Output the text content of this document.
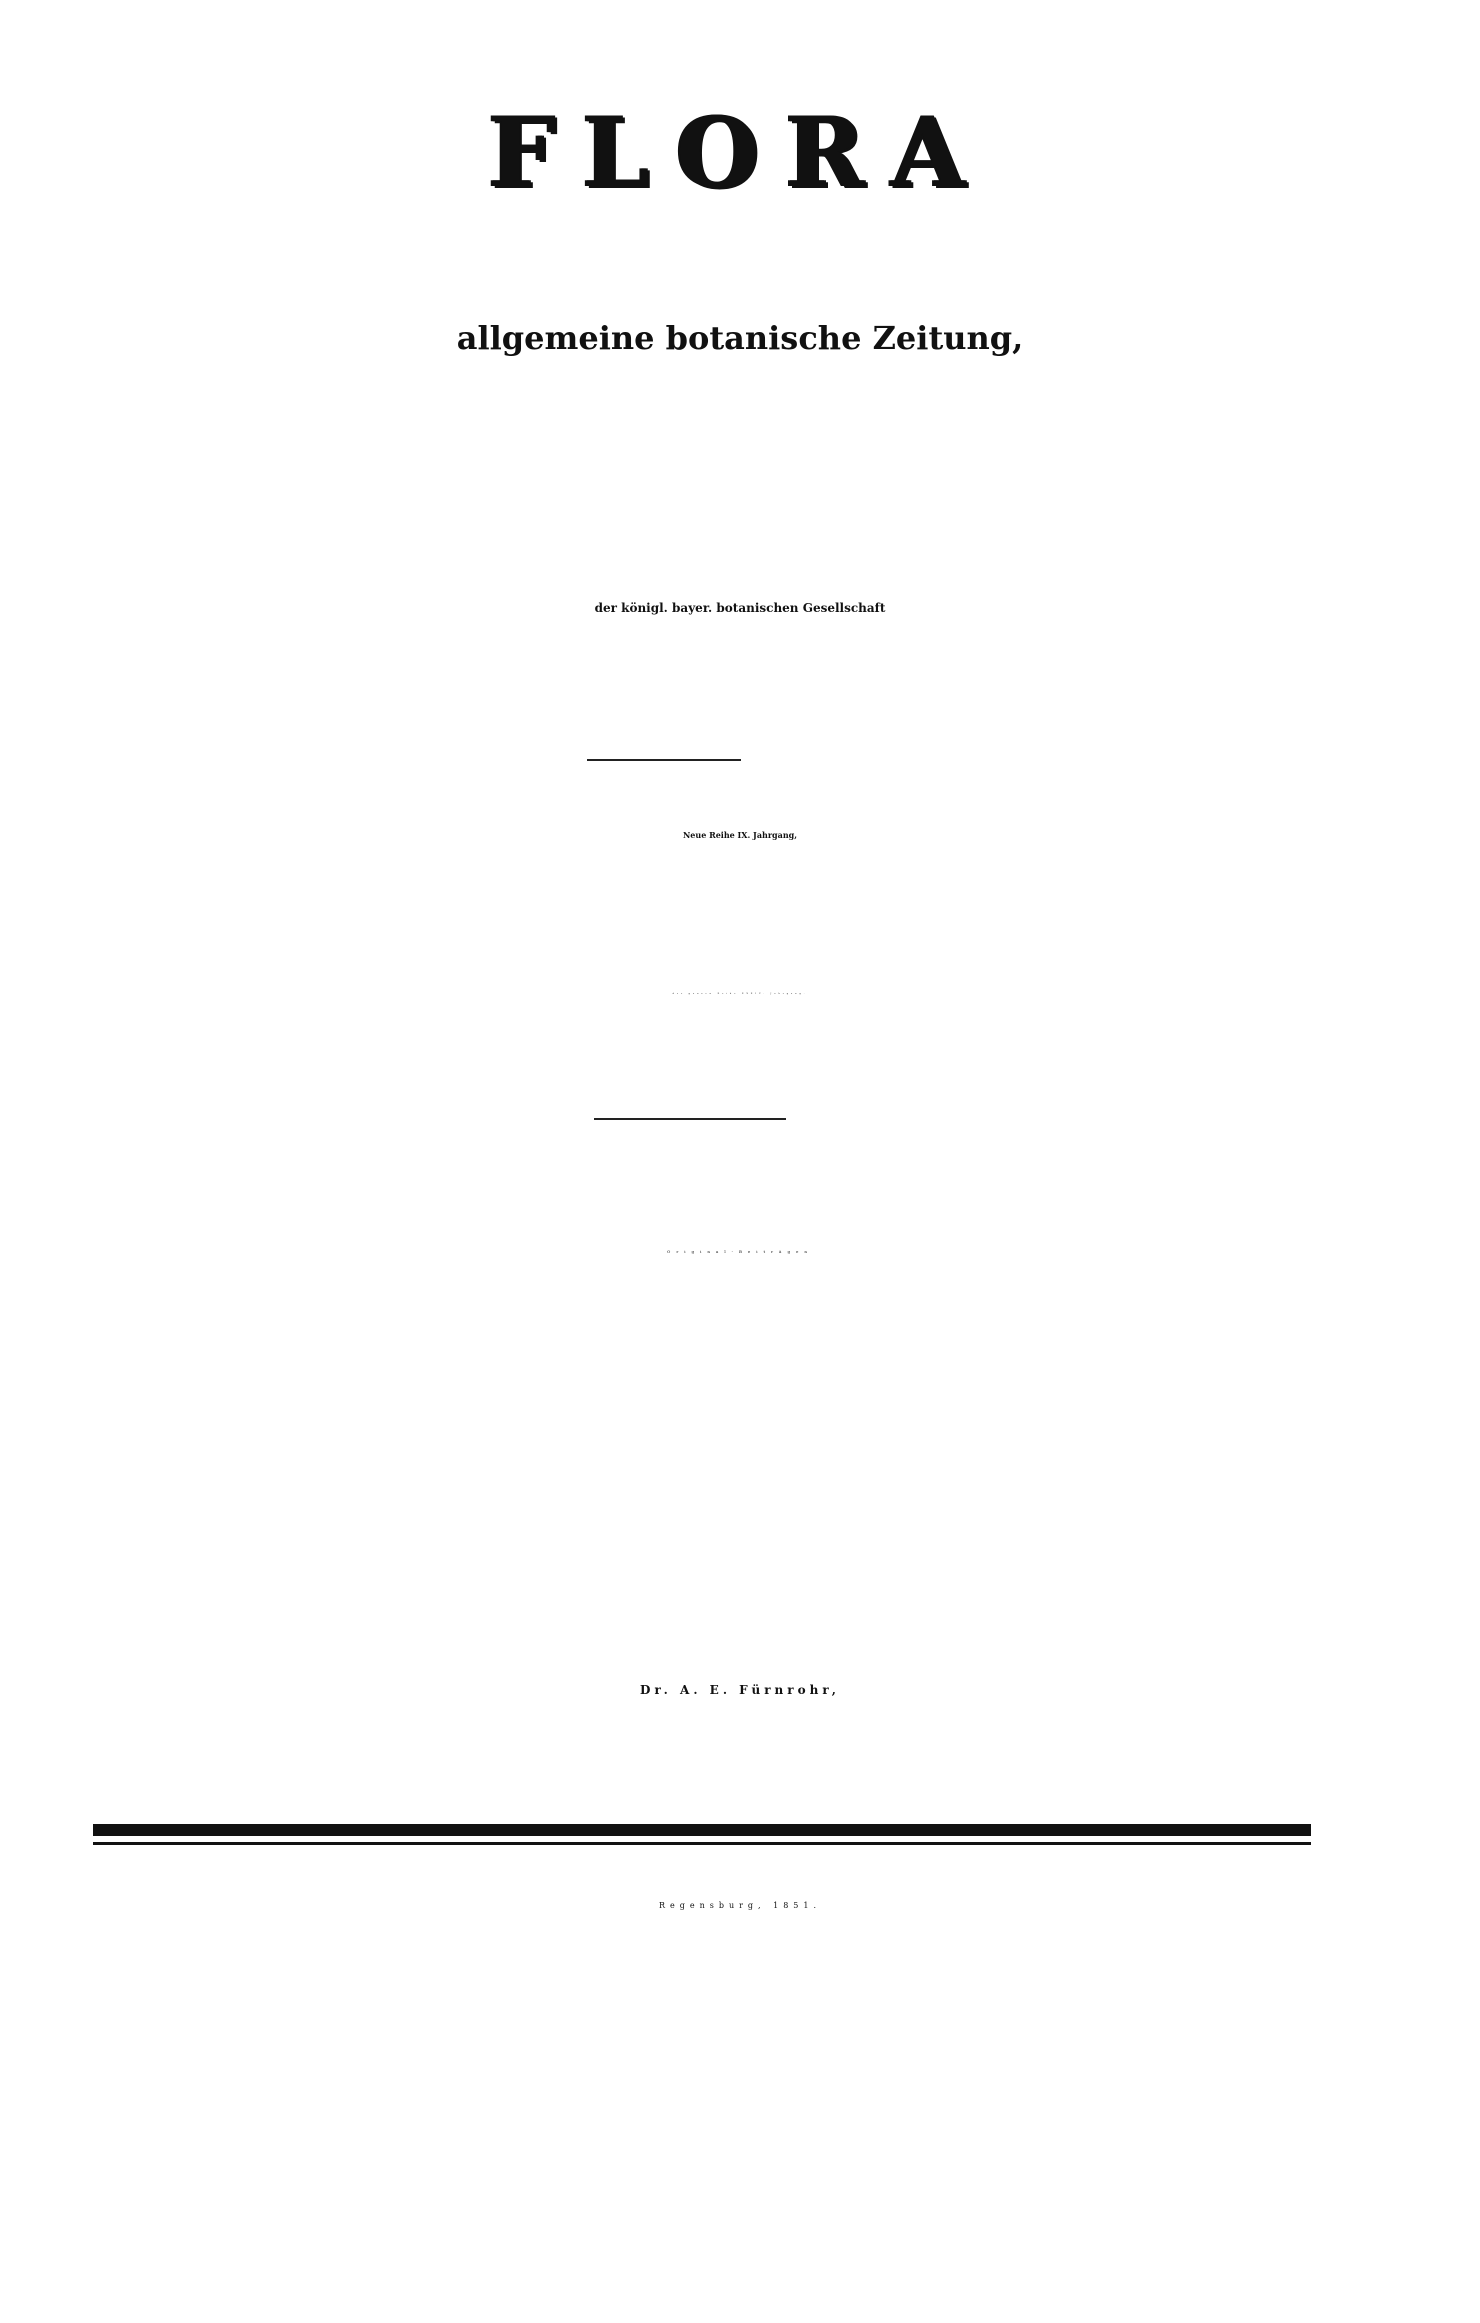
FLORA

allgemeine botanische Zeitung,

der königl. bayer. botanischen Gesellschaft

Neue Reihe IX. Jahrgang,

der ganzen Reihe XXXIV. Jahrgang.

Original-Beiträgen

Dr. A. E. Fürnrohr,

Regensburg, 1851.
